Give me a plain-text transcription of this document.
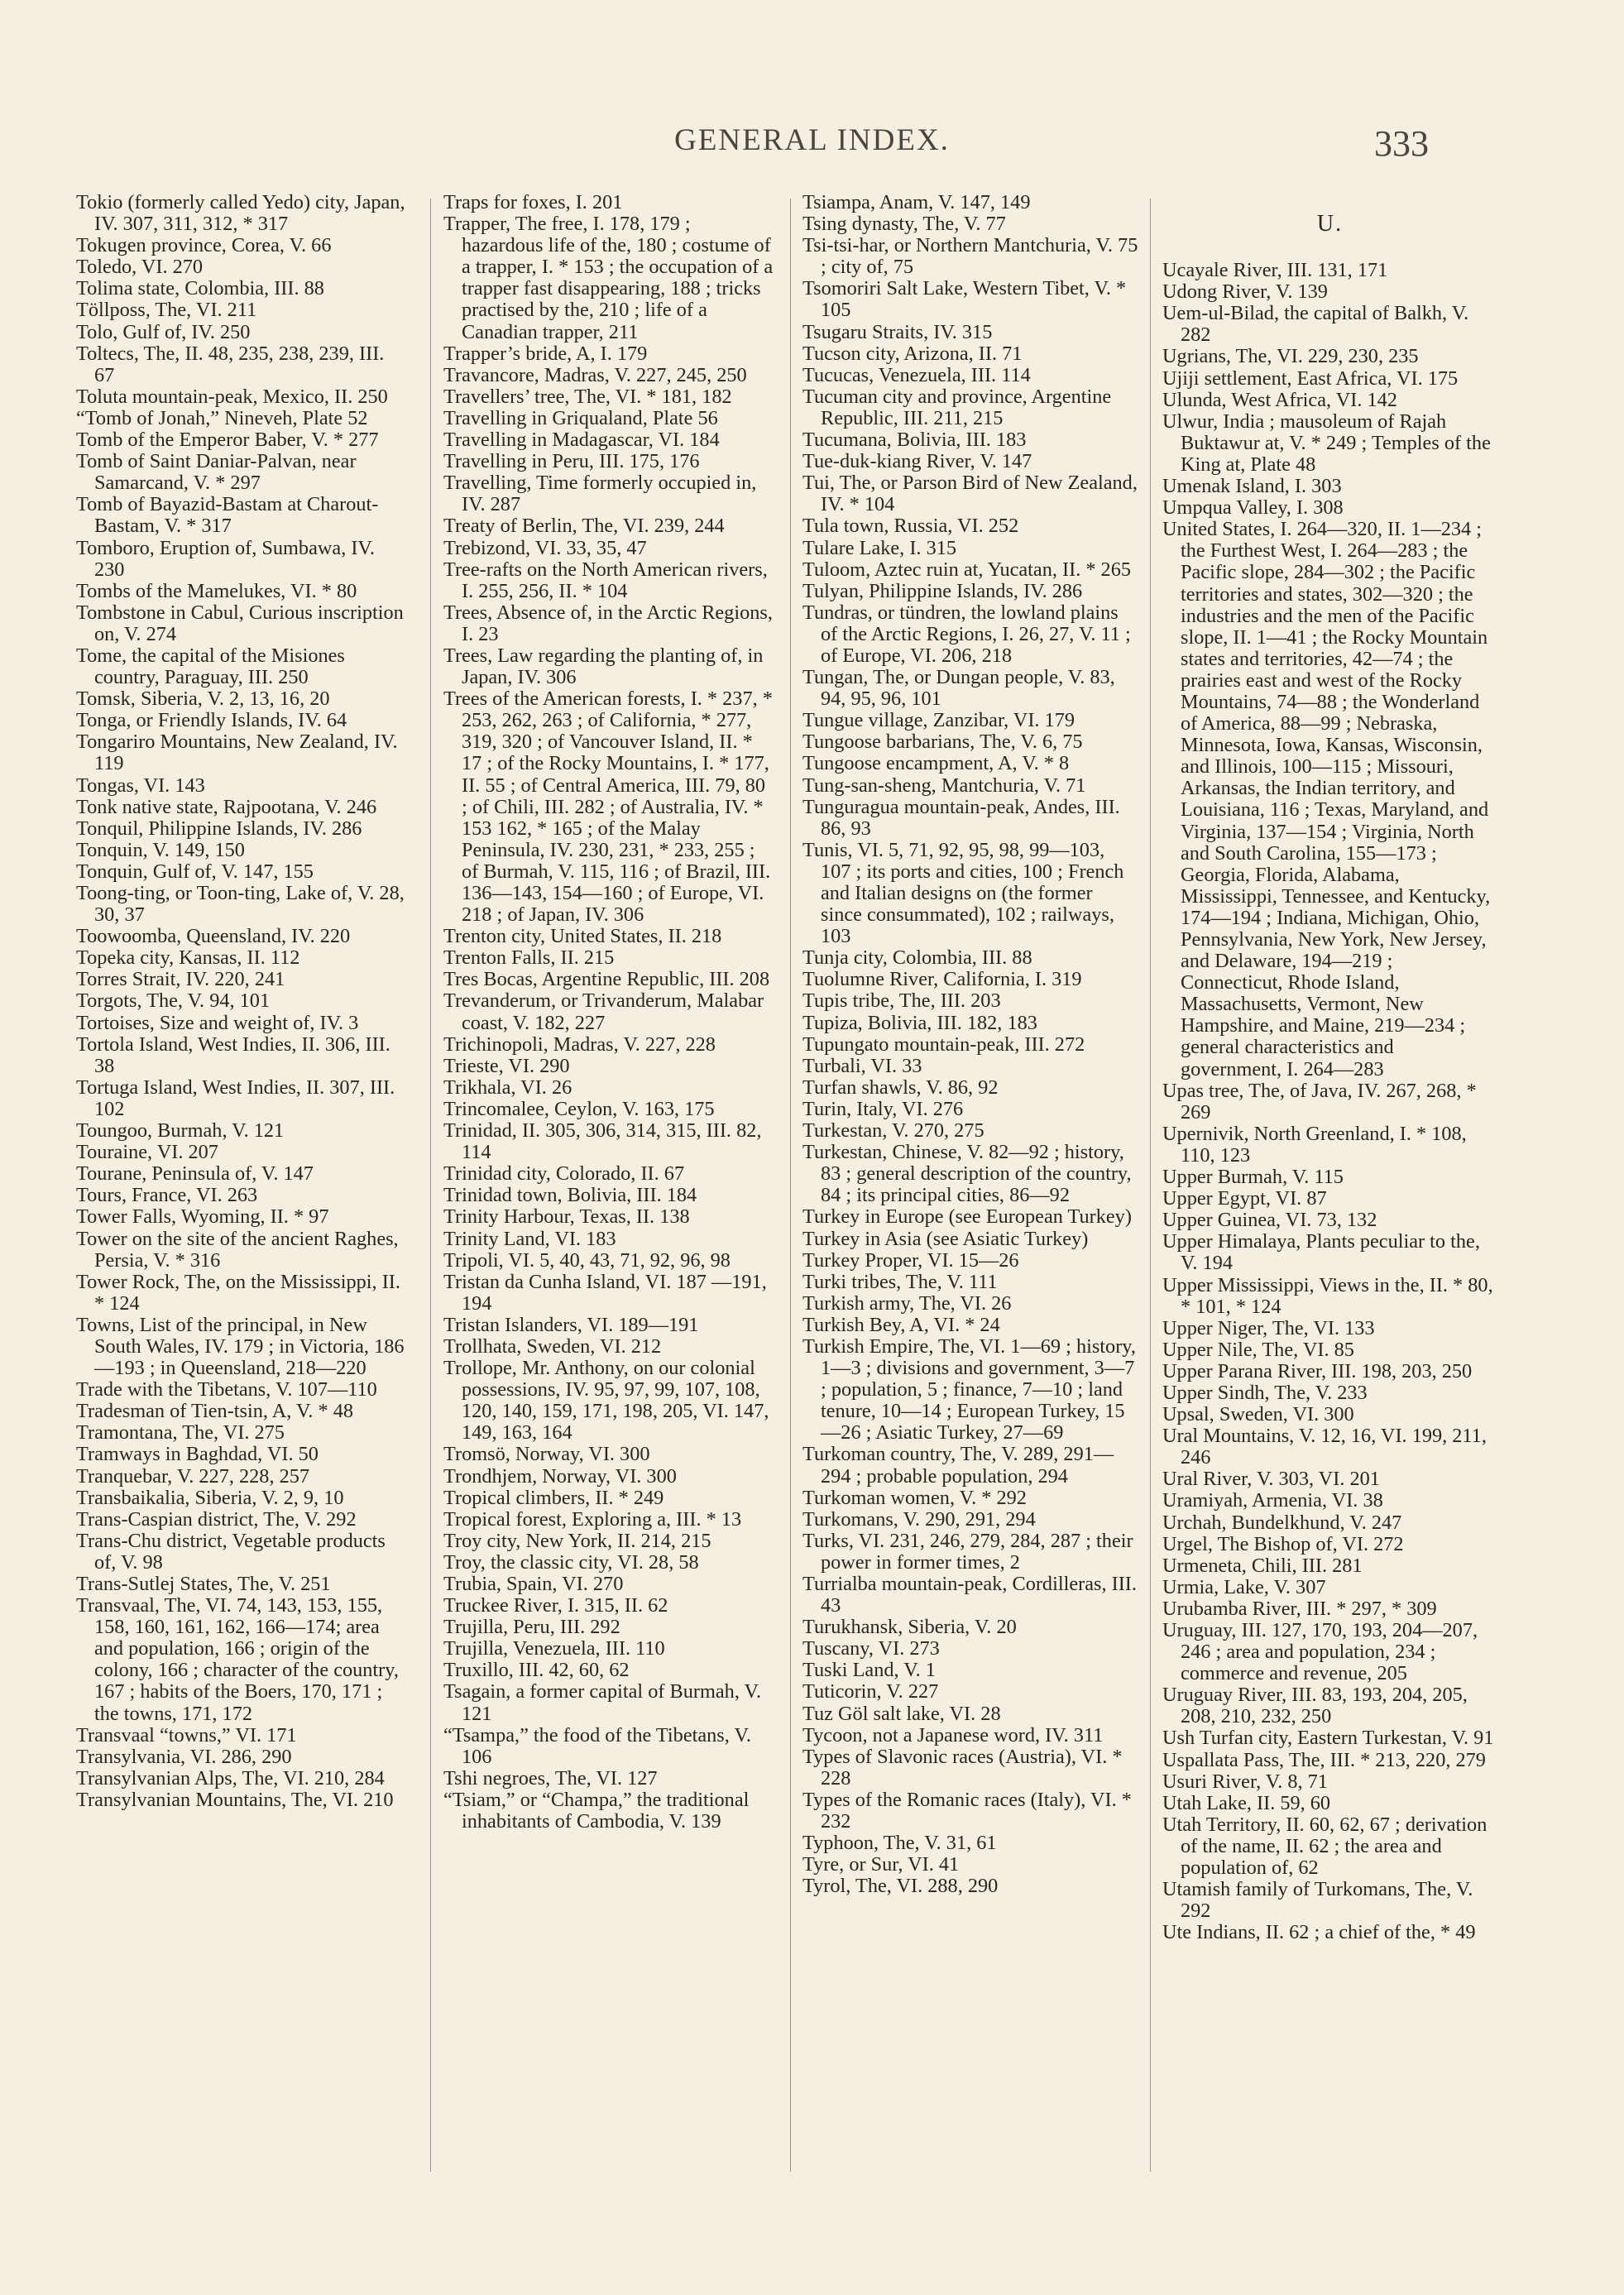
GENERAL INDEX.	333

Tokio (formerly called Yedo) city, Japan, IV. 307, 311, 312, * 317

Tokugen province, Corea, V. 66

Toledo, VI. 270

Tolima state, Colombia, III. 88

Töllposs, The, VI. 211

Tolo, Gulf of, IV. 250

Toltecs, The, II. 48, 235, 238, 239, III. 67

Toluta mountain-peak, Mexico, II. 250

“Tomb of Jonah,” Nineveh, Plate 52

Tomb of the Emperor Baber, V. * 277

Tomb of Saint Daniar-Palvan, near Samarcand, V. * 297

Tomb of Bayazid-Bastam at Charout-Bastam, V. * 317

Tomboro, Eruption of, Sumbawa, IV. 230

Tombs of the Mamelukes, VI. * 80

Tombstone in Cabul, Curious inscription on, V. 274

Tome, the capital of the Misiones country, Paraguay, III. 250

Tomsk, Siberia, V. 2, 13, 16, 20

Tonga, or Friendly Islands, IV. 64

Tongariro Mountains, New Zealand, IV. 119

Tongas, VI. 143

Tonk native state, Rajpootana, V. 246

Tonquil, Philippine Islands, IV. 286

Tonquin, V. 149, 150

Tonquin, Gulf of, V. 147, 155

Toong-ting, or Toon-ting, Lake of, V. 28, 30, 37

Toowoomba, Queensland, IV. 220

Topeka city, Kansas, II. 112

Torres Strait, IV. 220, 241

Torgots, The, V. 94, 101

Tortoises, Size and weight of, IV. 3

Tortola Island, West Indies, II. 306, III. 38

Tortuga Island, West Indies, II. 307, III. 102

Toungoo, Burmah, V. 121

Touraine, VI. 207

Tourane, Peninsula of, V. 147

Tours, France, VI. 263

Tower Falls, Wyoming, II. * 97

Tower on the site of the ancient Raghes, Persia, V. * 316

Tower Rock, The, on the Mississippi, II. * 124

Towns, List of the principal, in New South Wales, IV. 179 ; in Victoria, 186—193 ; in Queensland, 218—220

Trade with the Tibetans, V. 107—110

Tradesman of Tien-tsin, A, V. * 48

Tramontana, The, VI. 275

Tramways in Baghdad, VI. 50

Tranquebar, V. 227, 228, 257

Transbaikalia, Siberia, V. 2, 9, 10

Trans-Caspian district, The, V. 292

Trans-Chu district, Vegetable products of, V. 98

Trans-Sutlej States, The, V. 251

Transvaal, The, VI. 74, 143, 153, 155, 158, 160, 161, 162, 166—174; area and population, 166 ; origin of the colony, 166 ; character of the country, 167 ; habits of the Boers, 170, 171 ; the towns, 171, 172

Transvaal “towns,” VI. 171

Transylvania, VI. 286, 290

Transylvanian Alps, The, VI. 210, 284

Transylvanian Mountains, The, VI. 210

Traps for foxes, I. 201

Trapper, The free, I. 178, 179 ; hazardous life of the, 180 ; costume of a trapper, I. * 153 ; the occupation of a trapper fast disappearing, 188 ; tricks practised by the, 210 ; life of a Canadian trapper, 211

Trapper’s bride, A, I. 179

Travancore, Madras, V. 227, 245, 250

Travellers’ tree, The, VI. * 181, 182

Travelling in Griqualand, Plate 56

Travelling in Madagascar, VI. 184

Travelling in Peru, III. 175, 176

Travelling, Time formerly occupied in, IV. 287

Treaty of Berlin, The, VI. 239, 244

Trebizond, VI. 33, 35, 47

Tree-rafts on the North American rivers, I. 255, 256, II. * 104

Trees, Absence of, in the Arctic Regions, I. 23

Trees, Law regarding the planting of, in Japan, IV. 306

Trees of the American forests, I. * 237, * 253, 262, 263 ; of California, * 277, 319, 320 ; of Vancouver Island, II. * 17 ; of the Rocky Mountains, I. * 177, II. 55 ; of Central America, III. 79, 80 ; of Chili, III. 282 ; of Australia, IV. * 153 162, * 165 ; of the Malay Peninsula, IV. 230, 231, * 233, 255 ; of Burmah, V. 115, 116 ; of Brazil, III. 136—143, 154—160 ; of Europe, VI. 218 ; of Japan, IV. 306

Trenton city, United States, II. 218

Trenton Falls, II. 215

Tres Bocas, Argentine Republic, III. 208

Trevanderum, or Trivanderum, Malabar coast, V. 182, 227

Trichinopoli, Madras, V. 227, 228

Trieste, VI. 290

Trikhala, VI. 26

Trincomalee, Ceylon, V. 163, 175

Trinidad, II. 305, 306, 314, 315, III. 82, 114

Trinidad city, Colorado, II. 67

Trinidad town, Bolivia, III. 184

Trinity Harbour, Texas, II. 138

Trinity Land, VI. 183

Tripoli, VI. 5, 40, 43, 71, 92, 96, 98

Tristan da Cunha Island, VI. 187 —191, 194

Tristan Islanders, VI. 189—191

Trollhata, Sweden, VI. 212

Trollope, Mr. Anthony, on our colonial possessions, IV. 95, 97, 99, 107, 108, 120, 140, 159, 171, 198, 205, VI. 147, 149, 163, 164

Tromsö, Norway, VI. 300

Trondhjem, Norway, VI. 300

Tropical climbers, II. * 249

Tropical forest, Exploring a, III. * 13

Troy city, New York, II. 214, 215

Troy, the classic city, VI. 28, 58

Trubia, Spain, VI. 270

Truckee River, I. 315, II. 62

Trujilla, Peru, III. 292

Trujilla, Venezuela, III. 110

Truxillo, III. 42, 60, 62

Tsagain, a former capital of Burmah, V. 121

“Tsampa,” the food of the Tibetans, V. 106

Tshi negroes, The, VI. 127

“Tsiam,” or “Champa,” the traditional inhabitants of Cambodia, V. 139

Tsiampa, Anam, V. 147, 149

Tsing dynasty, The, V. 77

Tsi-tsi-har, or Northern Mantchuria, V. 75 ; city of, 75

Tsomoriri Salt Lake, Western Tibet, V. * 105

Tsugaru Straits, IV. 315

Tucson city, Arizona, II. 71

Tucucas, Venezuela, III. 114

Tucuman city and province, Argentine Republic, III. 211, 215

Tucumana, Bolivia, III. 183

Tue-duk-kiang River, V. 147

Tui, The, or Parson Bird of New Zealand, IV. * 104

Tula town, Russia, VI. 252

Tulare Lake, I. 315

Tuloom, Aztec ruin at, Yucatan, II. * 265

Tulyan, Philippine Islands, IV. 286

Tundras, or tündren, the lowland plains of the Arctic Regions, I. 26, 27, V. 11 ; of Europe, VI. 206, 218

Tungan, The, or Dungan people, V. 83, 94, 95, 96, 101

Tungue village, Zanzibar, VI. 179

Tungoose barbarians, The, V. 6, 75

Tungoose encampment, A, V. * 8

Tung-san-sheng, Mantchuria, V. 71

Tunguragua mountain-peak, Andes, III. 86, 93

Tunis, VI. 5, 71, 92, 95, 98, 99—103, 107 ; its ports and cities, 100 ; French and Italian designs on (the former since consummated), 102 ; railways, 103

Tunja city, Colombia, III. 88

Tuolumne River, California, I. 319

Tupis tribe, The, III. 203

Tupiza, Bolivia, III. 182, 183

Tupungato mountain-peak, III. 272

Turbali, VI. 33

Turfan shawls, V. 86, 92

Turin, Italy, VI. 276

Turkestan, V. 270, 275

Turkestan, Chinese, V. 82—92 ; history, 83 ; general description of the country, 84 ; its principal cities, 86—92

Turkey in Europe (see European Turkey)

Turkey in Asia (see Asiatic Turkey)

Turkey Proper, VI. 15—26

Turki tribes, The, V. 111

Turkish army, The, VI. 26

Turkish Bey, A, VI. * 24

Turkish Empire, The, VI. 1—69 ; history, 1—3 ; divisions and government, 3—7 ; population, 5 ; finance, 7—10 ; land tenure, 10—14 ; European Turkey, 15—26 ; Asiatic Turkey, 27—69

Turkoman country, The, V. 289, 291—294 ; probable population, 294

Turkoman women, V. * 292

Turkomans, V. 290, 291, 294

Turks, VI. 231, 246, 279, 284, 287 ; their power in former times, 2

Turrialba mountain-peak, Cordilleras, III. 43

Turukhansk, Siberia, V. 20

Tuscany, VI. 273

Tuski Land, V. 1

Tuticorin, V. 227

Tuz Göl salt lake, VI. 28

Tycoon, not a Japanese word, IV. 311

Types of Slavonic races (Austria), VI. * 228

Types of the Romanic races (Italy), VI. * 232

Typhoon, The, V. 31, 61

Tyre, or Sur, VI. 41

Tyrol, The, VI. 288, 290

U.

Ucayale River, III. 131, 171

Udong River, V. 139

Uem-ul-Bilad, the capital of Balkh, V. 282

Ugrians, The, VI. 229, 230, 235

Ujiji settlement, East Africa, VI. 175

Ulunda, West Africa, VI. 142

Ulwur, India ; mausoleum of Rajah Buktawur at, V. * 249 ; Temples of the King at, Plate 48

Umenak Island, I. 303

Umpqua Valley, I. 308

United States, I. 264—320, II. 1—234 ; the Furthest West, I. 264—283 ; the Pacific slope, 284—302 ; the Pacific territories and states, 302—320 ; the industries and the men of the Pacific slope, II. 1—41 ; the Rocky Mountain states and territories, 42—74 ; the prairies east and west of the Rocky Mountains, 74—88 ; the Wonderland of America, 88—99 ; Nebraska, Minnesota, Iowa, Kansas, Wisconsin, and Illinois, 100—115 ; Missouri, Arkansas, the Indian territory, and Louisiana, 116 ; Texas, Maryland, and Virginia, 137—154 ; Virginia, North and South Carolina, 155—173 ; Georgia, Florida, Alabama, Mississippi, Tennessee, and Kentucky, 174—194 ; Indiana, Michigan, Ohio, Pennsylvania, New York, New Jersey, and Delaware, 194—219 ; Connecticut, Rhode Island, Massachusetts, Vermont, New Hampshire, and Maine, 219—234 ; general characteristics and government, I. 264—283

Upas tree, The, of Java, IV. 267, 268, * 269

Upernivik, North Greenland, I. * 108, 110, 123

Upper Burmah, V. 115

Upper Egypt, VI. 87

Upper Guinea, VI. 73, 132

Upper Himalaya, Plants peculiar to the, V. 194

Upper Mississippi, Views in the, II. * 80, * 101, * 124

Upper Niger, The, VI. 133

Upper Nile, The, VI. 85

Upper Parana River, III. 198, 203, 250

Upper Sindh, The, V. 233

Upsal, Sweden, VI. 300

Ural Mountains, V. 12, 16, VI. 199, 211, 246

Ural River, V. 303, VI. 201

Uramiyah, Armenia, VI. 38

Urchah, Bundelkhund, V. 247

Urgel, The Bishop of, VI. 272

Urmeneta, Chili, III. 281

Urmia, Lake, V. 307

Urubamba River, III. * 297, * 309

Uruguay, III. 127, 170, 193, 204—207, 246 ; area and population, 234 ; commerce and revenue, 205

Uruguay River, III. 83, 193, 204, 205, 208, 210, 232, 250

Ush Turfan city, Eastern Turkestan, V. 91

Uspallata Pass, The, III. * 213, 220, 279

Usuri River, V. 8, 71

Utah Lake, II. 59, 60

Utah Territory, II. 60, 62, 67 ; derivation of the name, II. 62 ; the area and population of, 62

Utamish family of Turkomans, The, V. 292

Ute Indians, II. 62 ; a chief of the, * 49
